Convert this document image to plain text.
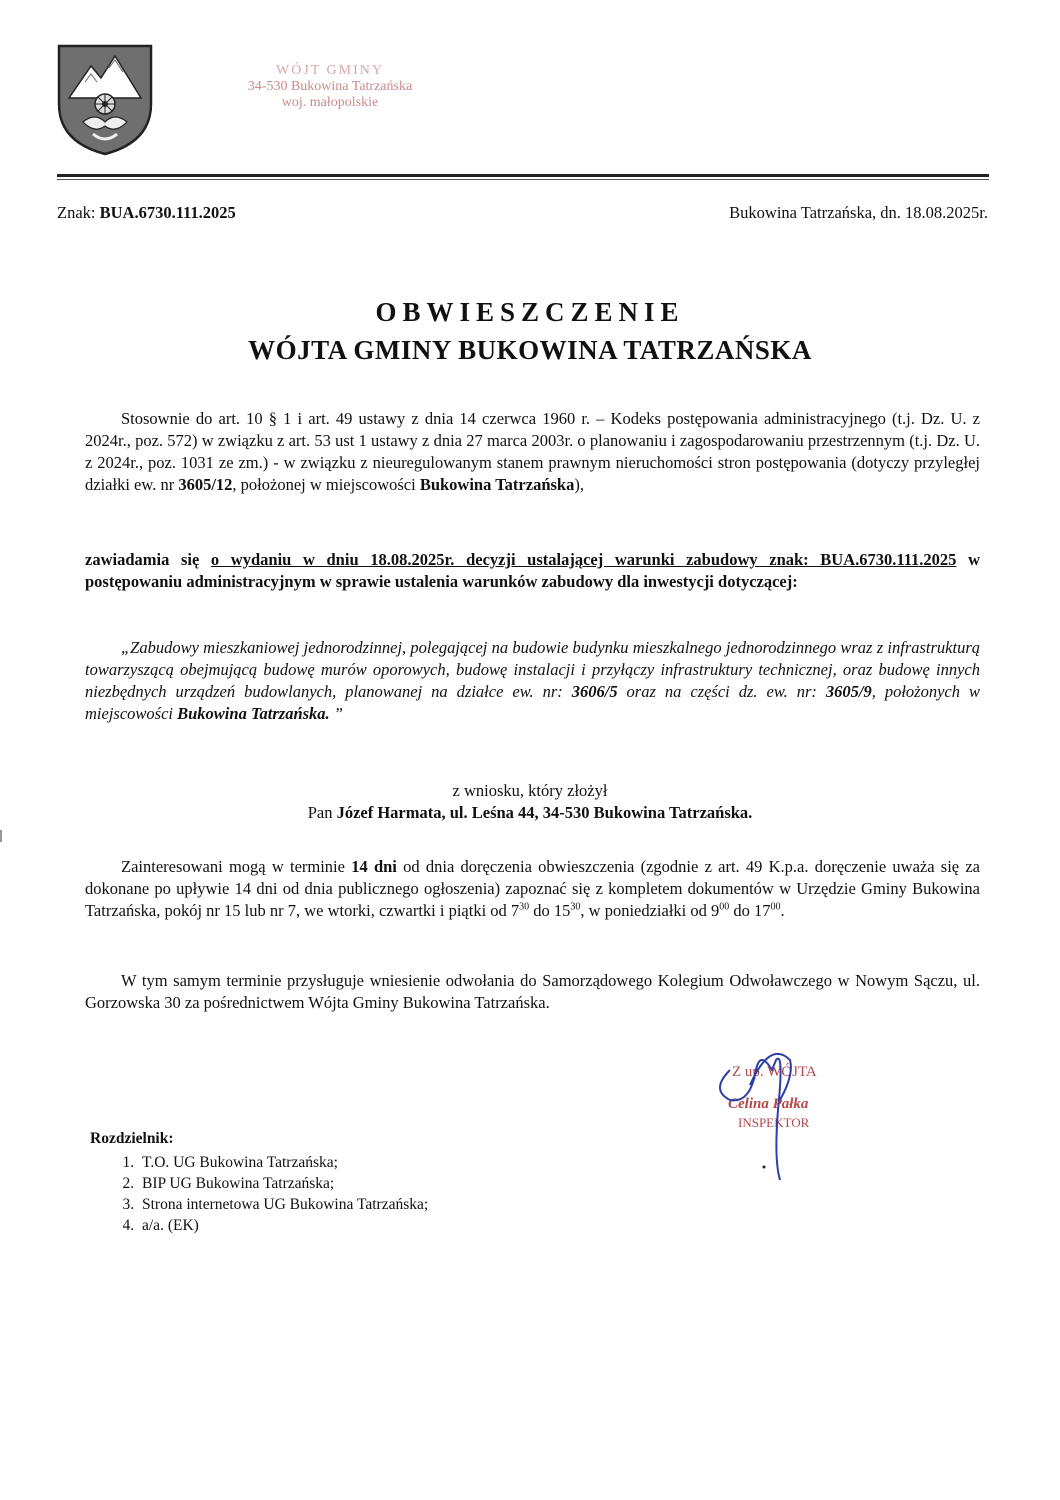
WÓJT GMINY
34-530 Bukowina Tatrzańska
woj. małopolskie
Znak: BUA.6730.111.2025	Bukowina Tatrzańska, dn. 18.08.2025r.
OBWIESZCZENIE
WÓJTA GMINY BUKOWINA TATRZAŃSKA
Stosownie do art. 10 § 1 i art. 49 ustawy z dnia 14 czerwca 1960 r. – Kodeks postępowania administracyjnego (t.j. Dz. U. z 2024r., poz. 572) w związku z art. 53 ust 1 ustawy z dnia 27 marca 2003r. o planowaniu i zagospodarowaniu przestrzennym (t.j. Dz. U. z 2024r., poz. 1031 ze zm.) - w związku z nieuregulowanym stanem prawnym nieruchomości stron postępowania (dotyczy przyległej działki ew. nr 3605/12, położonej w miejscowości Bukowina Tatrzańska),
zawiadamia się o wydaniu w dniu 18.08.2025r. decyzji ustalającej warunki zabudowy znak: BUA.6730.111.2025 w postępowaniu administracyjnym w sprawie ustalenia warunków zabudowy dla inwestycji dotyczącej:
„Zabudowy mieszkaniowej jednorodzinnej, polegającej na budowie budynku mieszkalnego jednorodzinnego wraz z infrastrukturą towarzyszącą obejmującą budowę murów oporowych, budowę instalacji i przyłączy infrastruktury technicznej, oraz budowę innych niezbędnych urządzeń budowlanych, planowanej na działce ew. nr: 3606/5 oraz na części dz. ew. nr: 3605/9, położonych w miejscowości Bukowina Tatrzańska. ”
z wniosku, który złożył
Pan Józef Harmata, ul. Leśna 44, 34-530 Bukowina Tatrzańska.
Zainteresowani mogą w terminie 14 dni od dnia doręczenia obwieszczenia (zgodnie z art. 49 K.p.a. doręczenie uważa się za dokonane po upływie 14 dni od dnia publicznego ogłoszenia) zapoznać się z kompletem dokumentów w Urzędzie Gminy Bukowina Tatrzańska, pokój nr 15 lub nr 7, we wtorki, czwartki i piątki od $7^{30}$ do $15^{30}$, w poniedziałki od $9^{00}$ do $17^{00}$.
W tym samym terminie przysługuje wniesienie odwołania do Samorządowego Kolegium Odwoławczego w Nowym Sączu, ul. Gorzowska 30 za pośrednictwem Wójta Gminy Bukowina Tatrzańska.
Z up. WÓJTA
Celina Pałka
INSPEKTOR
Rozdzielnik:
1. T.O. UG Bukowina Tatrzańska;
2. BIP UG Bukowina Tatrzańska;
3. Strona internetowa UG Bukowina Tatrzańska;
4. a/a. (EK)
